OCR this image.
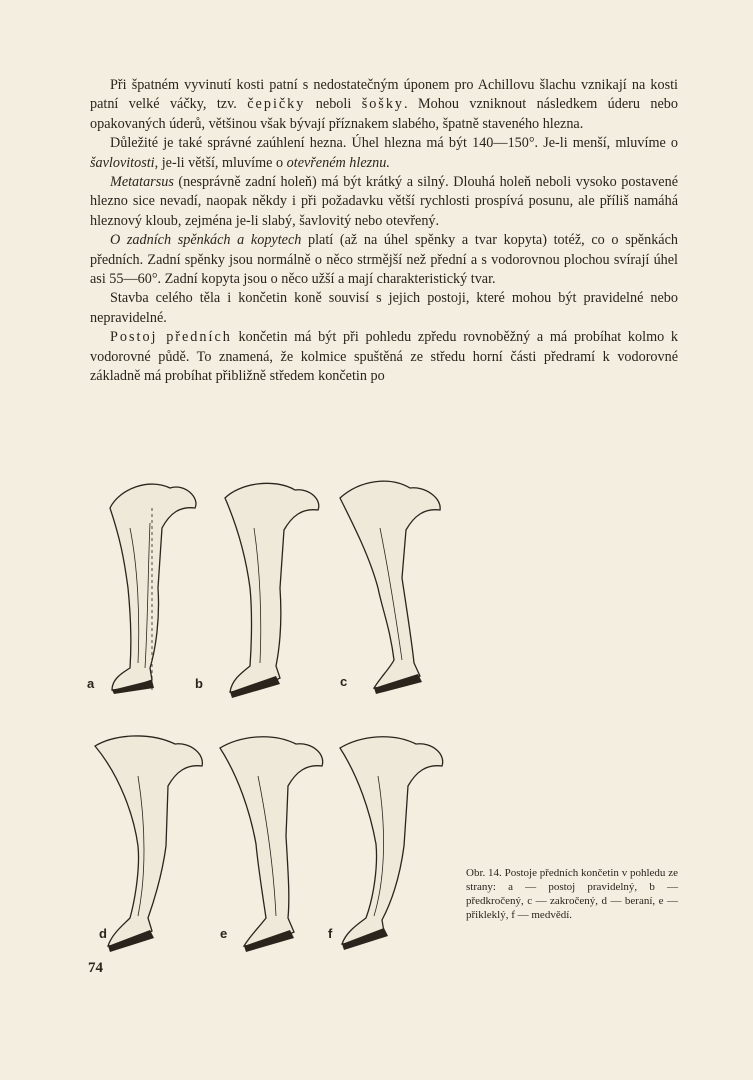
Při špatném vyvinutí kosti patní s nedostatečným úponem pro Achillovu šlachu vznikají na kosti patní velké váčky, tzv. čepičky neboli šošky. Mohou vzniknout následkem úderu nebo opakovaných úderů, většinou však bývají příznakem slabého, špatně staveného hlezna.

Důležité je také správné zaúhlení hezna. Úhel hlezna má být 140—150°. Je-li menší, mluvíme o šavlovitosti, je-li větší, mluvíme o otevřeném hleznu.

Metatarsus (nesprávně zadní holeň) má být krátký a silný. Dlouhá holeň neboli vysoko postavené hlezno sice nevadí, naopak někdy i při požadavku větší rychlosti prospívá posunu, ale příliš namáhá hleznový kloub, zejména je-li slabý, šavlovitý nebo otevřený.

O zadních spěnkách a kopytech platí (až na úhel spěnky a tvar kopyta) totéž, co o spěnkách předních. Zadní spěnky jsou normálně o něco strmější než přední a s vodorovnou plochou svírají úhel asi 55—60°. Zadní kopyta jsou o něco užší a mají charakteristický tvar.

Stavba celého těla i končetin koně souvisí s jejich postoji, které mohou být pravidelné nebo nepravidelné.

Postoj předních končetin má být při pohledu zpředu rovnoběžný a má probíhat kolmo k vodorovné půdě. To znamená, že kolmice spuštěná ze středu horní části předramí k vodorovné základně má probíhat přibližně středem končetin po

a	b	c
d	e	f
Obr. 14. Postoje předních končetin v pohledu ze strany: a — postoj pravidelný, b — předkročený, c — zakročený, d — beraní, e — přikleklý, f — medvědí.
74
